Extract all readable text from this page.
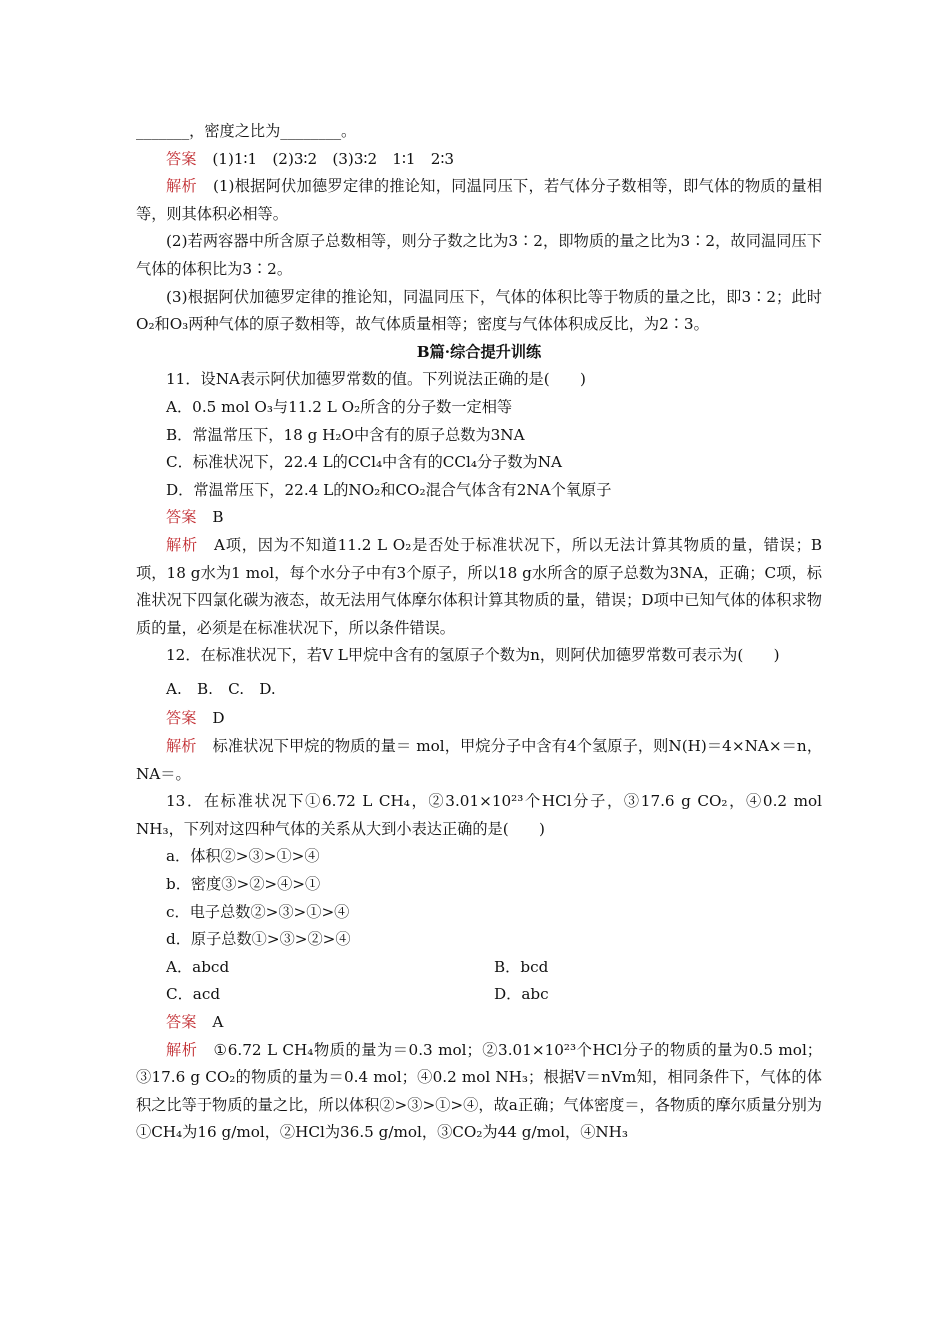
_______，密度之比为________。

答案 (1)1∶1　(2)3∶2　(3)3∶2　1∶1　2∶3

解析 (1)根据阿伏加德罗定律的推论知，同温同压下，若气体分子数相等，即气体的物质的量相等，则其体积必相等。

(2)若两容器中所含原子总数相等，则分子数之比为3∶2，即物质的量之比为3∶2，故同温同压下气体的体积比为3∶2。

(3)根据阿伏加德罗定律的推论知，同温同压下，气体的体积比等于物质的量之比，即3∶2；此时O₂和O₃两种气体的原子数相等，故气体质量相等；密度与气体体积成反比，为2∶3。

B篇·综合提升训练

11．设NA表示阿伏加德罗常数的值。下列说法正确的是(　　)

A．0.5 mol O₃与11.2 L O₂所含的分子数一定相等

B．常温常压下，18 g H₂O中含有的原子总数为3NA

C．标准状况下，22.4 L的CCl₄中含有的CCl₄分子数为NA

D．常温常压下，22.4 L的NO₂和CO₂混合气体含有2NA个氧原子

答案 B

解析 A项，因为不知道11.2 L O₂是否处于标准状况下，所以无法计算其物质的量，错误；B项，18 g水为1 mol，每个水分子中有3个原子，所以18 g水所含的原子总数为3NA，正确；C项，标准状况下四氯化碳为液态，故无法用气体摩尔体积计算其物质的量，错误；D项中已知气体的体积求物质的量，必须是在标准状况下，所以条件错误。

12．在标准状况下，若V L甲烷中含有的氢原子个数为n，则阿伏加德罗常数可表示为(　　)

A.　B.　C.　D.

答案 D

解析 标准状况下甲烷的物质的量＝ mol，甲烷分子中含有4个氢原子，则N(H)＝4×NA×＝n，NA＝。

13．在标准状况下①6.72 L CH₄，②3.01×10²³个HCl分子，③17.6 g CO₂，④0.2 mol NH₃，下列对这四种气体的关系从大到小表达正确的是(　　)

a．体积②>③>①>④

b．密度③>②>④>①

c．电子总数②>③>①>④

d．原子总数①>③>②>④

A．abcd	B．bcd
C．acd	D．abc

答案 A

解析 ①6.72 L CH₄物质的量为＝0.3 mol；②3.01×10²³个HCl分子的物质的量为0.5 mol；③17.6 g CO₂的物质的量为＝0.4 mol；④0.2 mol NH₃；根据V＝nVm知，相同条件下，气体的体积之比等于物质的量之比，所以体积②>③>①>④，故a正确；气体密度＝，各物质的摩尔质量分别为①CH₄为16 g/mol，②HCl为36.5 g/mol，③CO₂为44 g/mol，④NH₃
